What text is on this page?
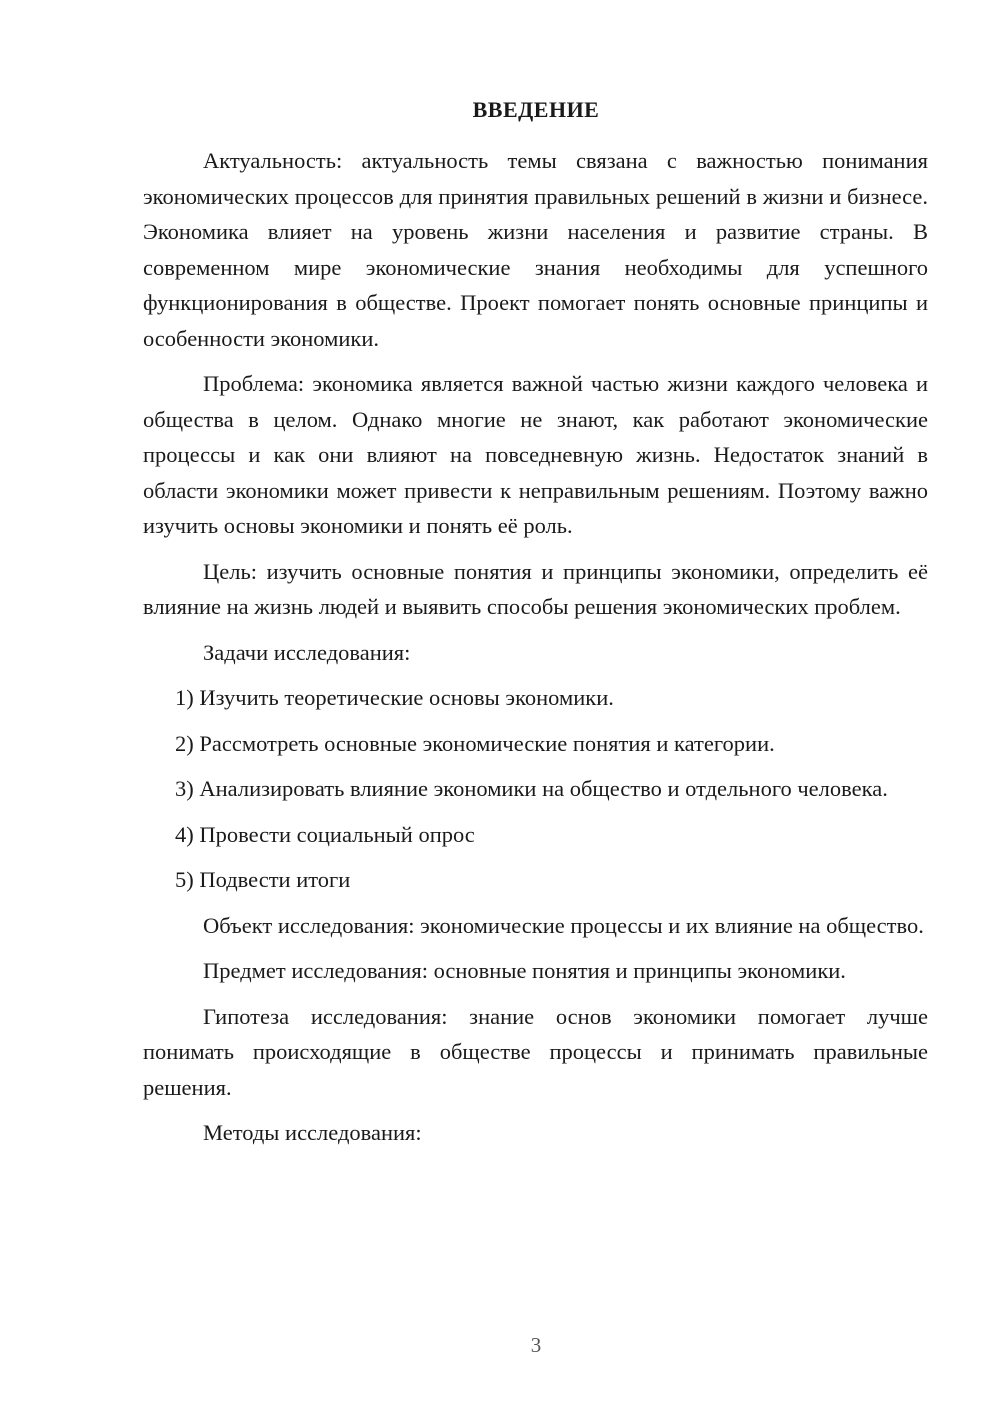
ВВЕДЕНИЕ

Актуальность: актуальность темы связана с важностью понимания экономических процессов для принятия правильных решений в жизни и бизнесе. Экономика влияет на уровень жизни населения и развитие страны. В современном мире экономические знания необходимы для успешного функционирования в обществе. Проект помогает понять основные принципы и особенности экономики.

Проблема: экономика является важной частью жизни каждого человека и общества в целом. Однако многие не знают, как работают экономические процессы и как они влияют на повседневную жизнь. Недостаток знаний в области экономики может привести к неправильным решениям. Поэтому важно изучить основы экономики и понять её роль.

Цель: изучить основные понятия и принципы экономики, определить её влияние на жизнь людей и выявить способы решения экономических проблем.

Задачи исследования:

1) Изучить теоретические основы экономики.

2) Рассмотреть основные экономические понятия и категории.

3) Анализировать влияние экономики на общество и отдельного человека.

4) Провести социальный опрос

5) Подвести итоги

Объект исследования: экономические процессы и их влияние на общество.

Предмет исследования: основные понятия и принципы экономики.

Гипотеза исследования: знание основ экономики помогает лучше понимать происходящие в обществе процессы и принимать правильные решения.

Методы исследования:

3
